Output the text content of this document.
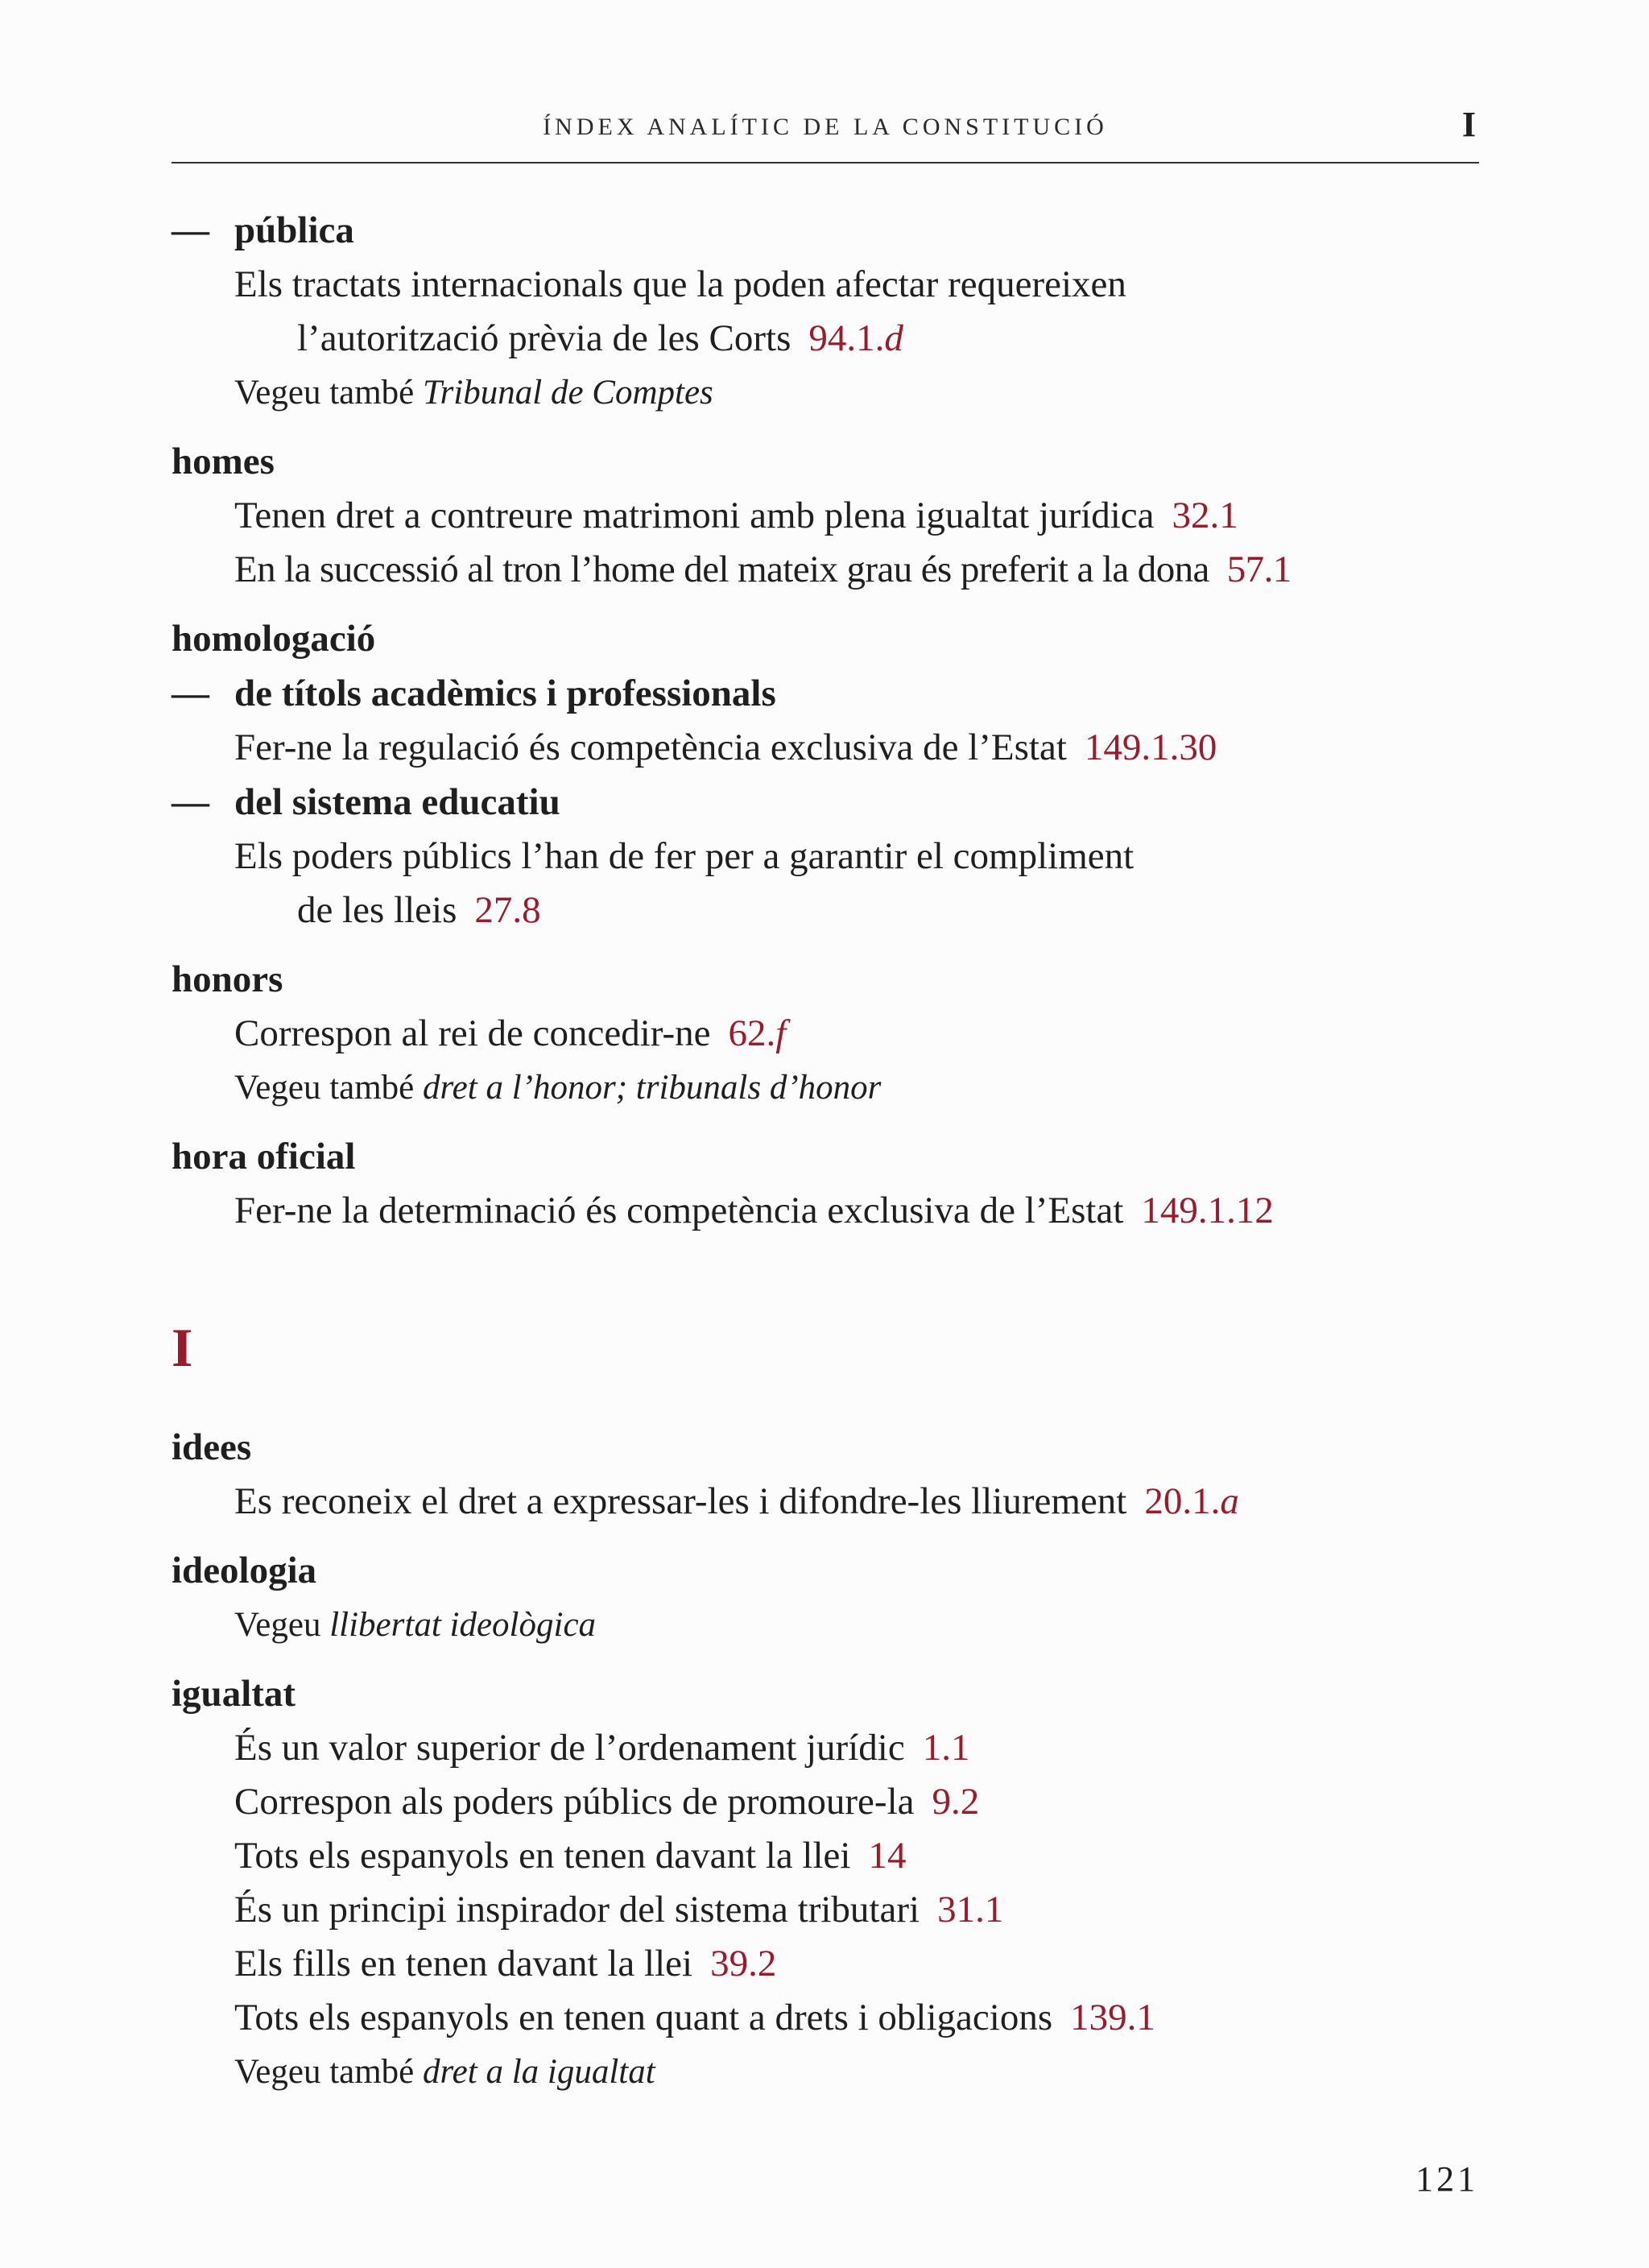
ÍNDEX ANALÍTIC DE LA CONSTITUCIÓ	I
— pública
Els tractats internacionals que la poden afectar requereixen
l’autorització prèvia de les Corts 94.1.d
Vegeu també Tribunal de Comptes
homes
Tenen dret a contreure matrimoni amb plena igualtat jurídica 32.1
En la successió al tron l’home del mateix grau és preferit a la dona 57.1
homologació
— de títols acadèmics i professionals
Fer-ne la regulació és competència exclusiva de l’Estat 149.1.30
— del sistema educatiu
Els poders públics l’han de fer per a garantir el compliment
de les lleis 27.8
honors
Correspon al rei de concedir-ne 62.f
Vegeu també dret a l’honor; tribunals d’honor
hora oficial
Fer-ne la determinació és competència exclusiva de l’Estat 149.1.12
I
idees
Es reconeix el dret a expressar-les i difondre-les lliurement 20.1.a
ideologia
Vegeu llibertat ideològica
igualtat
És un valor superior de l’ordenament jurídic 1.1
Correspon als poders públics de promoure-la 9.2
Tots els espanyols en tenen davant la llei 14
És un principi inspirador del sistema tributari 31.1
Els fills en tenen davant la llei 39.2
Tots els espanyols en tenen quant a drets i obligacions 139.1
Vegeu també dret a la igualtat
121
